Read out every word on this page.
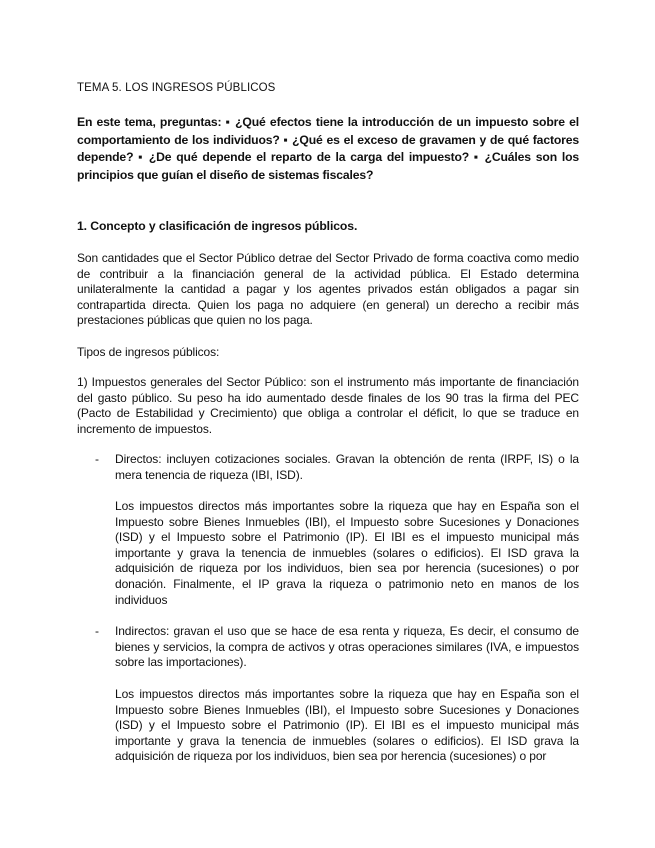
TEMA 5. LOS INGRESOS PÚBLICOS
En este tema, preguntas: ▪ ¿Qué efectos tiene la introducción de un impuesto sobre el comportamiento de los individuos? ▪ ¿Qué es el exceso de gravamen y de qué factores depende? ▪ ¿De qué depende el reparto de la carga del impuesto? ▪ ¿Cuáles son los principios que guían el diseño de sistemas fiscales?
1. Concepto y clasificación de ingresos públicos.
Son cantidades que el Sector Público detrae del Sector Privado de forma coactiva como medio de contribuir a la financiación general de la actividad pública. El Estado determina unilateralmente la cantidad a pagar y los agentes privados están obligados a pagar sin contrapartida directa. Quien los paga no adquiere (en general) un derecho a recibir más prestaciones públicas que quien no los paga.
Tipos de ingresos públicos:
1) Impuestos generales del Sector Público: son el instrumento más importante de financiación del gasto público. Su peso ha ido aumentado desde finales de los 90 tras la firma del PEC (Pacto de Estabilidad y Crecimiento) que obliga a controlar el déficit, lo que se traduce en incremento de impuestos.
-	Directos: incluyen cotizaciones sociales. Gravan la obtención de renta (IRPF, IS) o la mera tenencia de riqueza (IBI, ISD).
Los impuestos directos más importantes sobre la riqueza que hay en España son el Impuesto sobre Bienes Inmuebles (IBI), el Impuesto sobre Sucesiones y Donaciones (ISD) y el Impuesto sobre el Patrimonio (IP). El IBI es el impuesto municipal más importante y grava la tenencia de inmuebles (solares o edificios). El ISD grava la adquisición de riqueza por los individuos, bien sea por herencia (sucesiones) o por donación. Finalmente, el IP grava la riqueza o patrimonio neto en manos de los individuos
-	Indirectos: gravan el uso que se hace de esa renta y riqueza, Es decir, el consumo de bienes y servicios, la compra de activos y otras operaciones similares (IVA, e impuestos sobre las importaciones).
Los impuestos directos más importantes sobre la riqueza que hay en España son el Impuesto sobre Bienes Inmuebles (IBI), el Impuesto sobre Sucesiones y Donaciones (ISD) y el Impuesto sobre el Patrimonio (IP). El IBI es el impuesto municipal más importante y grava la tenencia de inmuebles (solares o edificios). El ISD grava la adquisición de riqueza por los individuos, bien sea por herencia (sucesiones) o por
